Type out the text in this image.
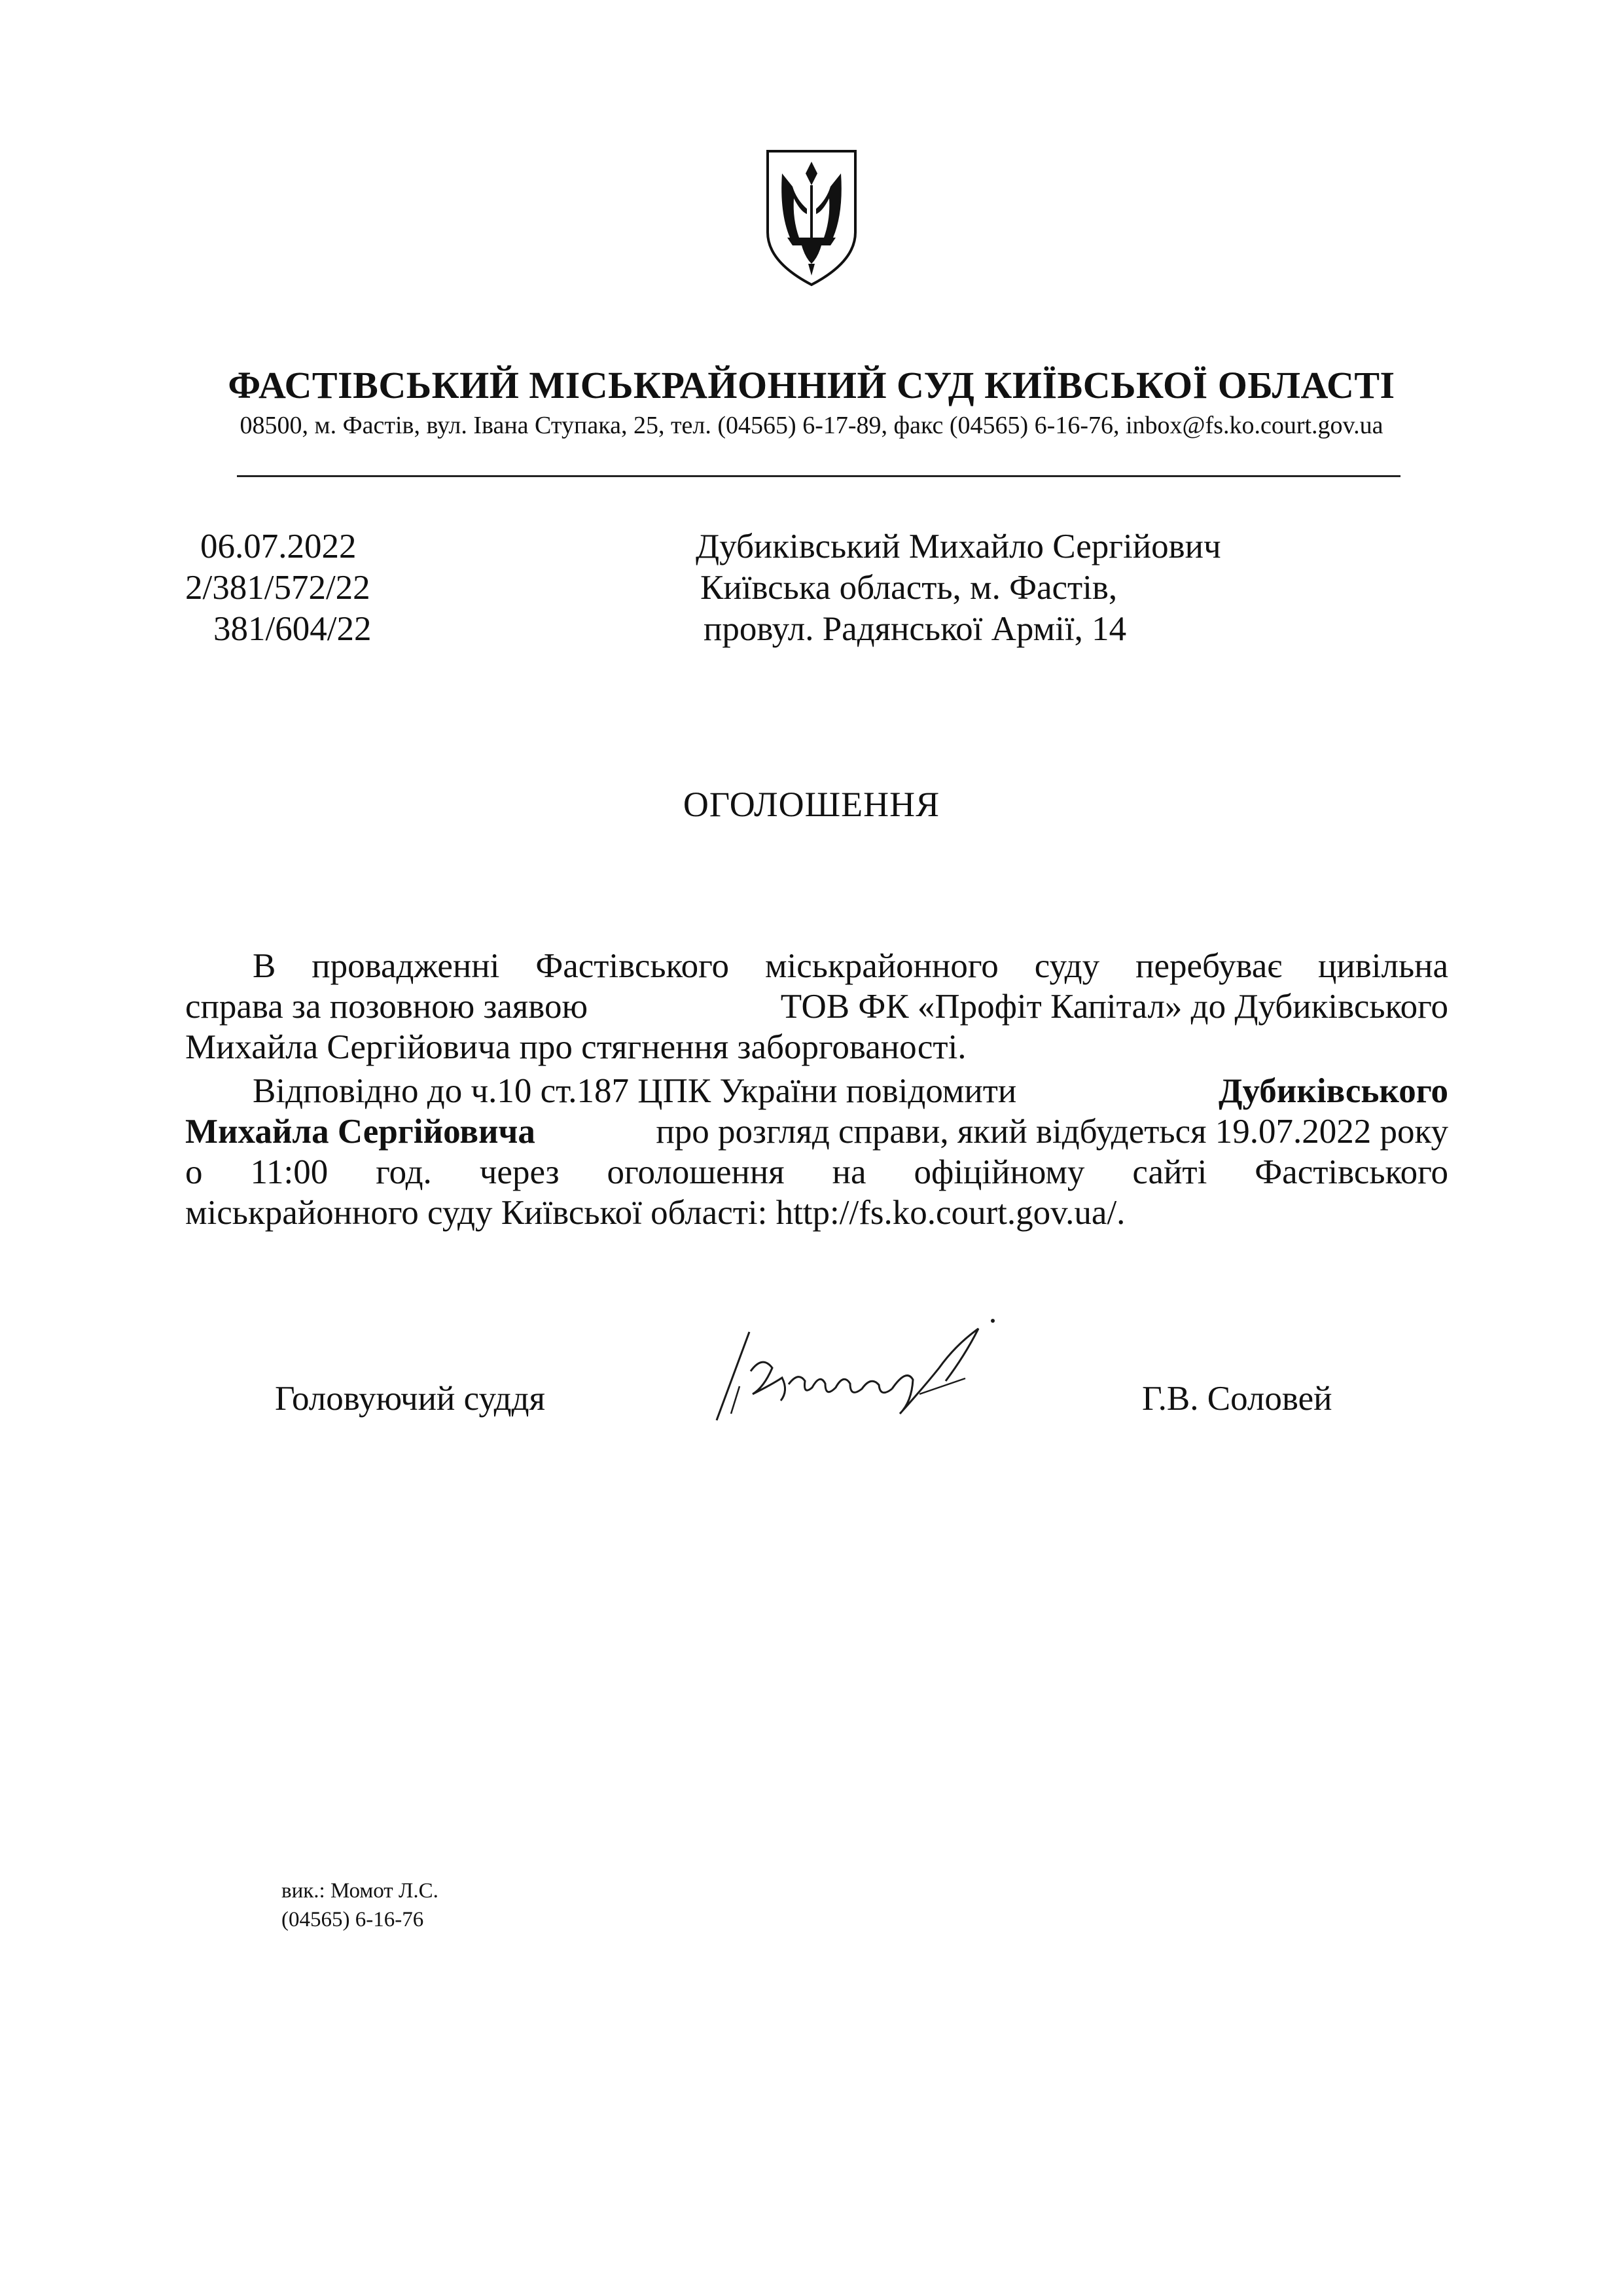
ФАСТІВСЬКИЙ МІСЬКРАЙОННИЙ СУД КИЇВСЬКОЇ ОБЛАСТІ
08500, м. Фастів, вул. Івана Ступака, 25, тел. (04565) 6-17-89, факс (04565) 6-16-76, inbox@fs.ko.court.gov.ua
06.07.2022
2/381/572/22
381/604/22
Дубиківський Михайло Сергійович
Київська область, м. Фастів,
провул. Радянської Армії, 14
ОГОЛОШЕННЯ
В провадженні Фастівського міськрайонного суду перебуває цивільна
справа за позовною заявою	ТОВ ФК «Профіт Капітал» до Дубиківського
Михайла Сергійовича про стягнення заборгованості.
Відповідно до ч.10 ст.187 ЦПК України повідомити	Дубиківського
Михайла Сергійовича	про розгляд справи, який відбудеться 19.07.2022 року
о 11:00 год. через оголошення на офіційному сайті Фастівського
міськрайонного суду Київської області: http://fs.ko.court.gov.ua/.
Головуючий суддя	Г.В. Соловей
вик.: Момот Л.С.
(04565) 6-16-76
